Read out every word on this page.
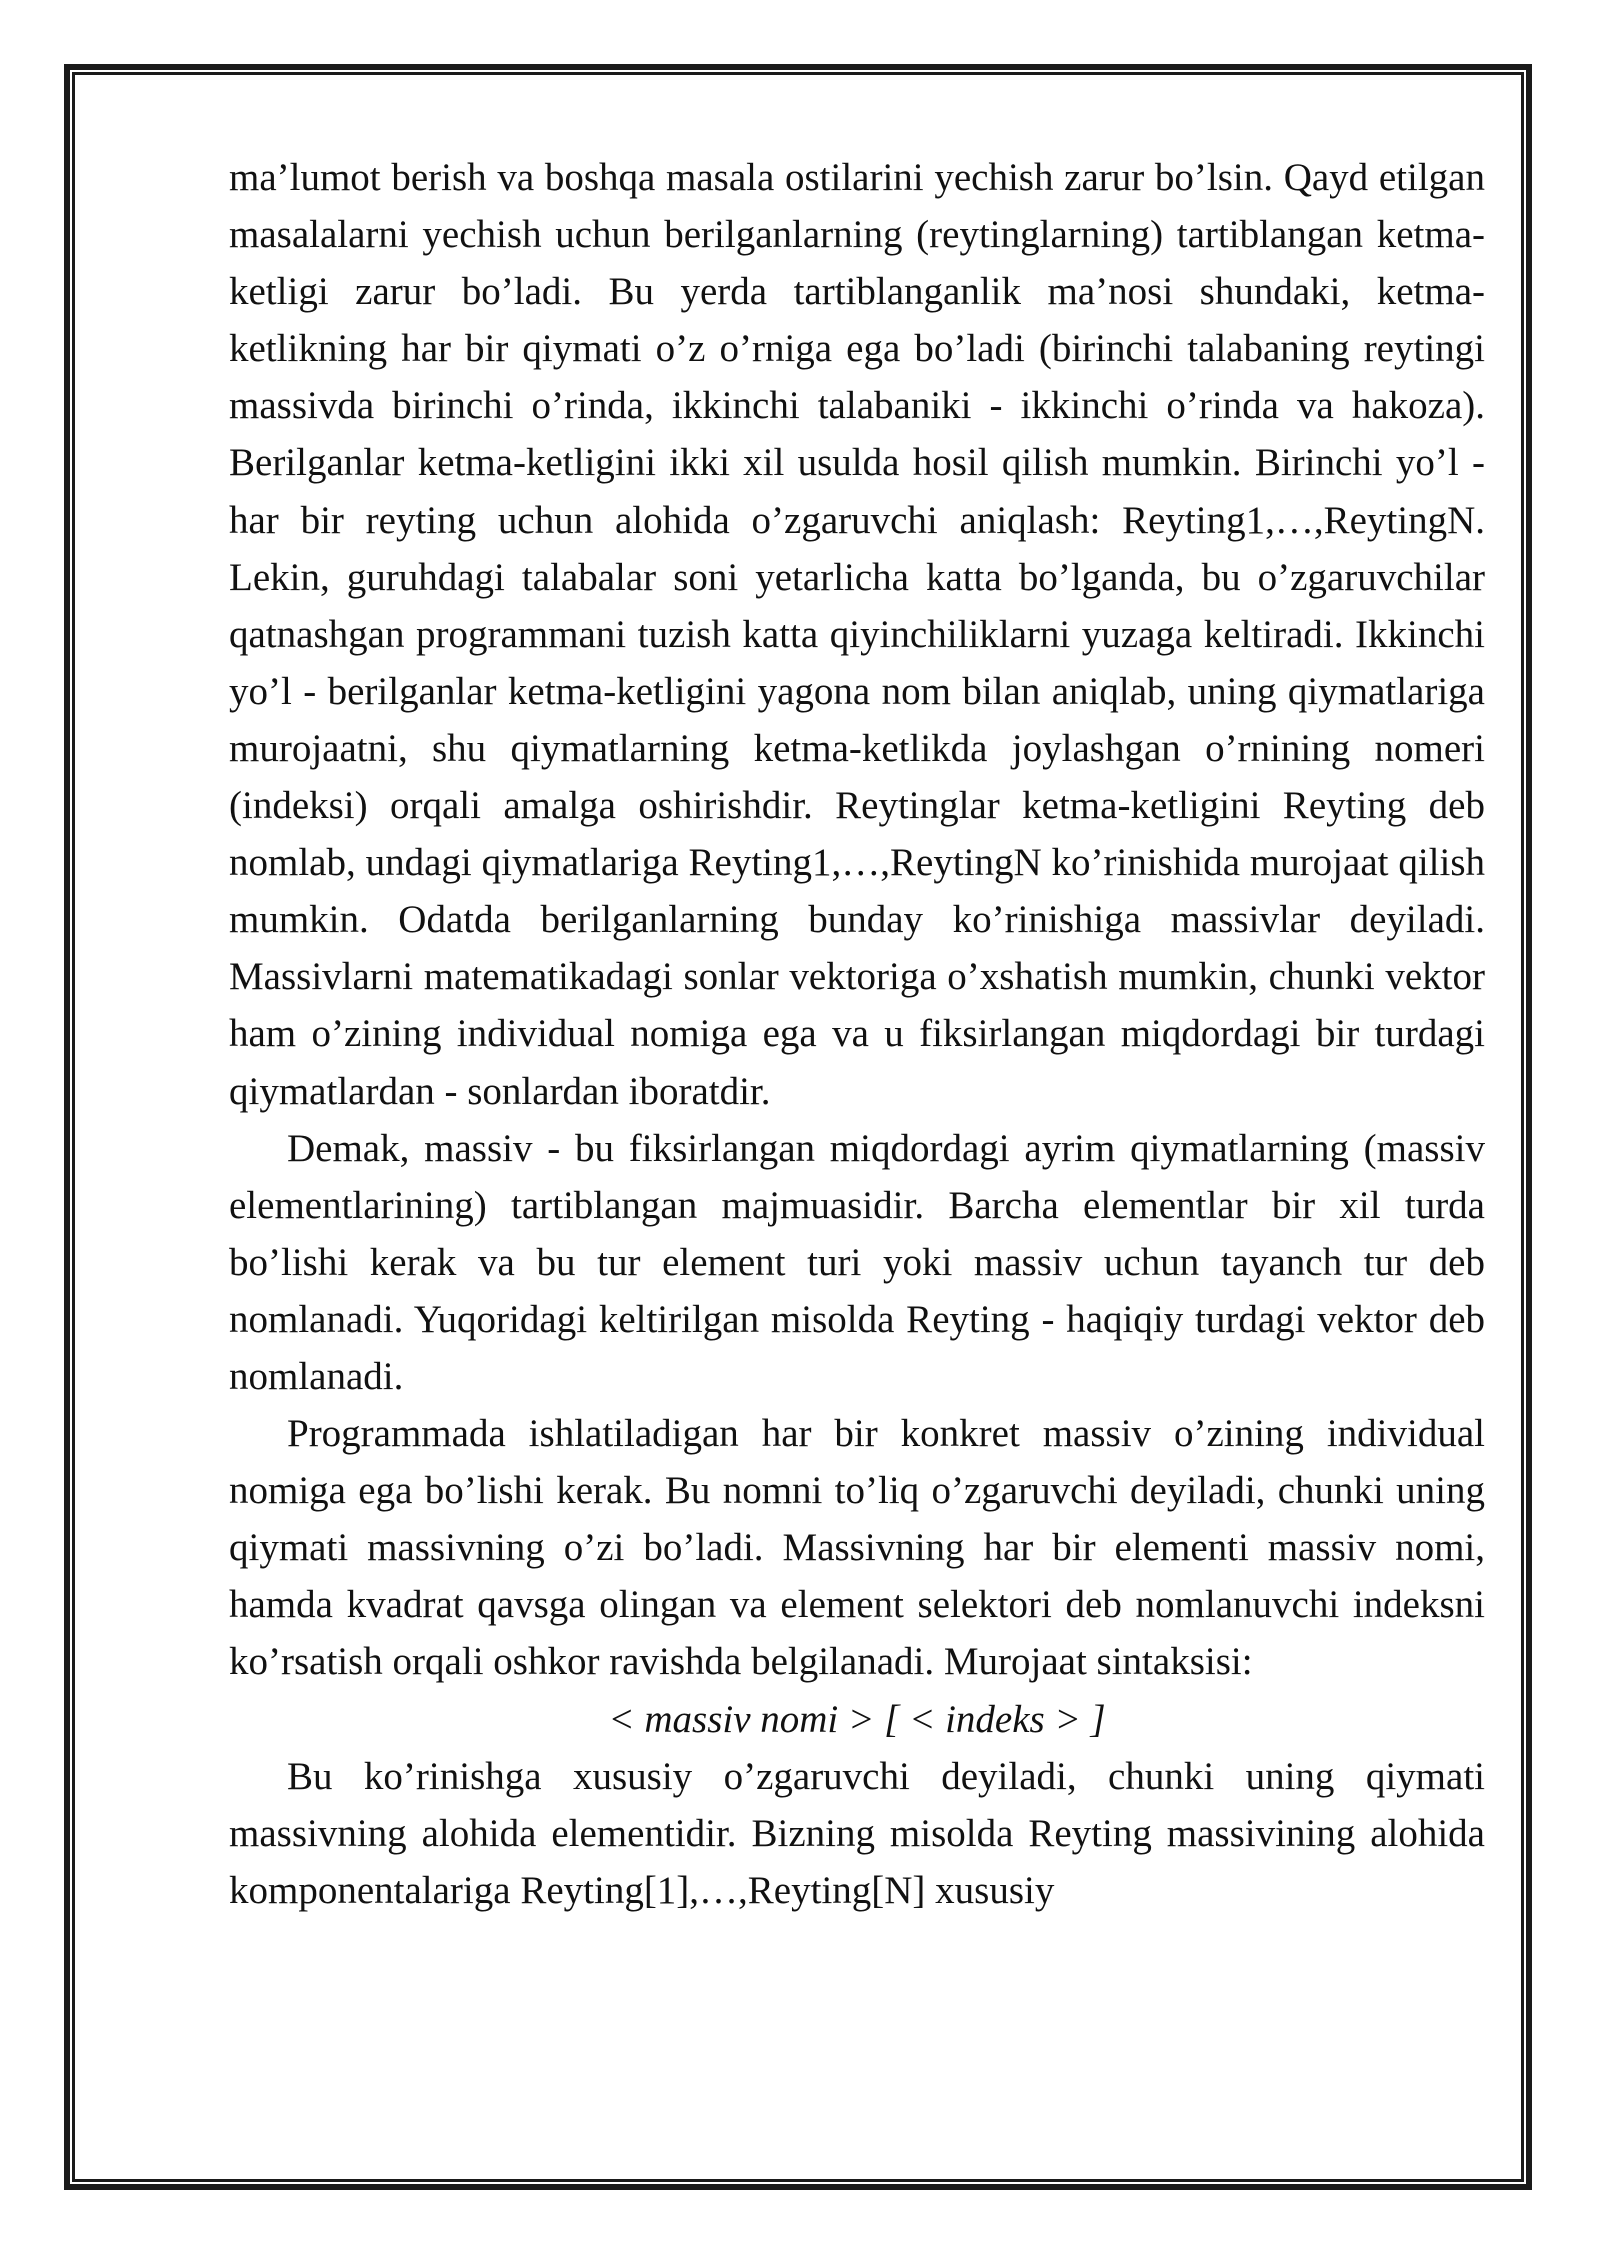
ma’lumot berish va boshqa masala ostilarini yechish zarur bo’lsin. Qayd etilgan masalalarni yechish uchun berilganlarning (reytinglarning) tartiblangan ketma-ketligi zarur bo’ladi. Bu yerda tartiblanganlik ma’nosi shundaki, ketma-ketlikning har bir qiymati o’z o’rniga ega bo’ladi (birinchi talabaning reytingi massivda birinchi o’rinda, ikkinchi talabaniki - ikkinchi o’rinda va hakoza). Berilganlar ketma-ketligini ikki xil usulda hosil qilish mumkin. Birinchi yo’l - har bir reyting uchun alohida o’zgaruvchi aniqlash: Reyting1,…,ReytingN. Lekin, guruhdagi talabalar soni yetarlicha katta bo’lganda, bu o’zgaruvchilar qatnashgan programmani tuzish katta qiyinchiliklarni yuzaga keltiradi. Ikkinchi yo’l - berilganlar ketma-ketligini yagona nom bilan aniqlab, uning qiymatlariga murojaatni, shu qiymatlarning ketma-ketlikda joylashgan o’rnining nomeri (indeksi) orqali amalga oshirishdir. Reytinglar ketma-ketligini Reyting deb nomlab, undagi qiymatlariga Reyting1,…,ReytingN ko’rinishida murojaat qilish mumkin. Odatda berilganlarning bunday ko’rinishiga massivlar deyiladi. Massivlarni matematikadagi sonlar vektoriga o’xshatish mumkin, chunki vektor ham o’zining individual nomiga ega va u fiksirlangan miqdordagi bir turdagi qiymatlardan - sonlardan iboratdir.

Demak, massiv - bu fiksirlangan miqdordagi ayrim qiymatlarning (massiv elementlarining) tartiblangan majmuasidir. Barcha elementlar bir xil turda bo’lishi kerak va bu tur element turi yoki massiv uchun tayanch tur deb nomlanadi. Yuqoridagi keltirilgan misolda Reyting - haqiqiy turdagi vektor deb nomlanadi.

Programmada ishlatiladigan har bir konkret massiv o’zining individual nomiga ega bo’lishi kerak. Bu nomni to’liq o’zgaruvchi deyiladi, chunki uning qiymati massivning o’zi bo’ladi. Massivning har bir elementi massiv nomi, hamda kvadrat qavsga olingan va element selektori deb nomlanuvchi indeksni ko’rsatish orqali oshkor ravishda belgilanadi. Murojaat sintaksisi:

< massiv nomi > [ < indeks > ]

Bu ko’rinishga xususiy o’zgaruvchi deyiladi, chunki uning qiymati massivning alohida elementidir. Bizning misolda Reyting massivining alohida komponentalariga Reyting[1],…,Reyting[N] xususiy
